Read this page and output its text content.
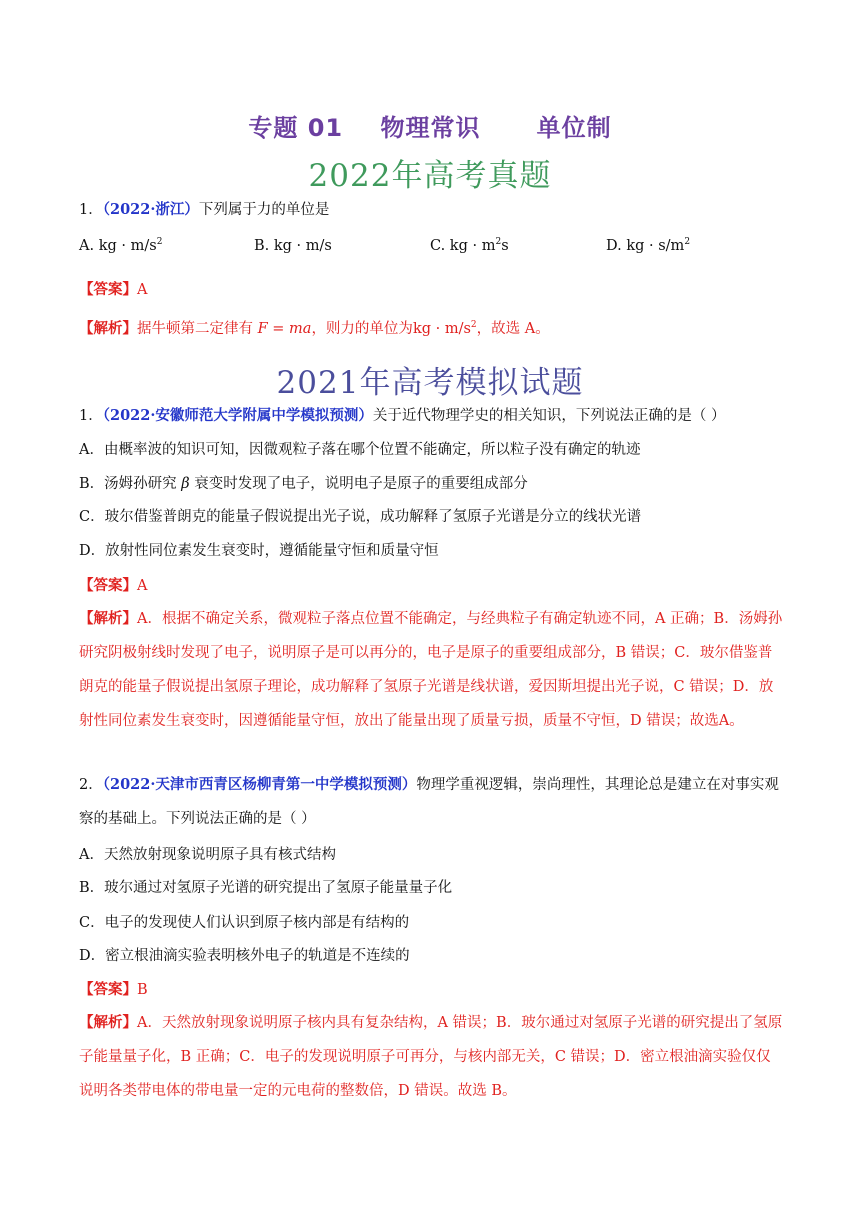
专题 01    物理常识      单位制
2022年高考真题
1．（2022·浙江）下列属于力的单位是
A. kg · $m/s^2$	B. kg · m/s	C. kg · $m^2s$	D. kg · $s/m^2$
【答案】A
【解析】据牛顿第二定律有 F = ma，则力的单位为kg · $m/s^2$，故选 A。
2021年高考模拟试题
1．（2022·安徽师范大学附属中学模拟预测）关于近代物理学史的相关知识，下列说法正确的是（ ）
A．由概率波的知识可知，因微观粒子落在哪个位置不能确定，所以粒子没有确定的轨迹
B．汤姆孙研究 β 衰变时发现了电子，说明电子是原子的重要组成部分
C．玻尔借鉴普朗克的能量子假说提出光子说，成功解释了氢原子光谱是分立的线状光谱
D．放射性同位素发生衰变时，遵循能量守恒和质量守恒
【答案】A
【解析】A．根据不确定关系，微观粒子落点位置不能确定，与经典粒子有确定轨迹不同，A 正确；B．汤姆孙研究阴极射线时发现了电子，说明原子是可以再分的，电子是原子的重要组成部分，B 错误；C．玻尔借鉴普朗克的能量子假说提出氢原子理论，成功解释了氢原子光谱是线状谱，爱因斯坦提出光子说，C 错误；D．放射性同位素发生衰变时，因遵循能量守恒，放出了能量出现了质量亏损，质量不守恒，D 错误；故选A。
2．（2022·天津市西青区杨柳青第一中学模拟预测）物理学重视逻辑，崇尚理性，其理论总是建立在对事实观察的基础上。下列说法正确的是（ ）
A．天然放射现象说明原子具有核式结构
B．玻尔通过对氢原子光谱的研究提出了氢原子能量量子化
C．电子的发现使人们认识到原子核内部是有结构的
D．密立根油滴实验表明核外电子的轨道是不连续的
【答案】B
【解析】A．天然放射现象说明原子核内具有复杂结构，A 错误；B．玻尔通过对氢原子光谱的研究提出了氢原子能量量子化，B 正确；C．电子的发现说明原子可再分，与核内部无关，C 错误；D．密立根油滴实验仅仅说明各类带电体的带电量一定的元电荷的整数倍，D 错误。故选 B。
